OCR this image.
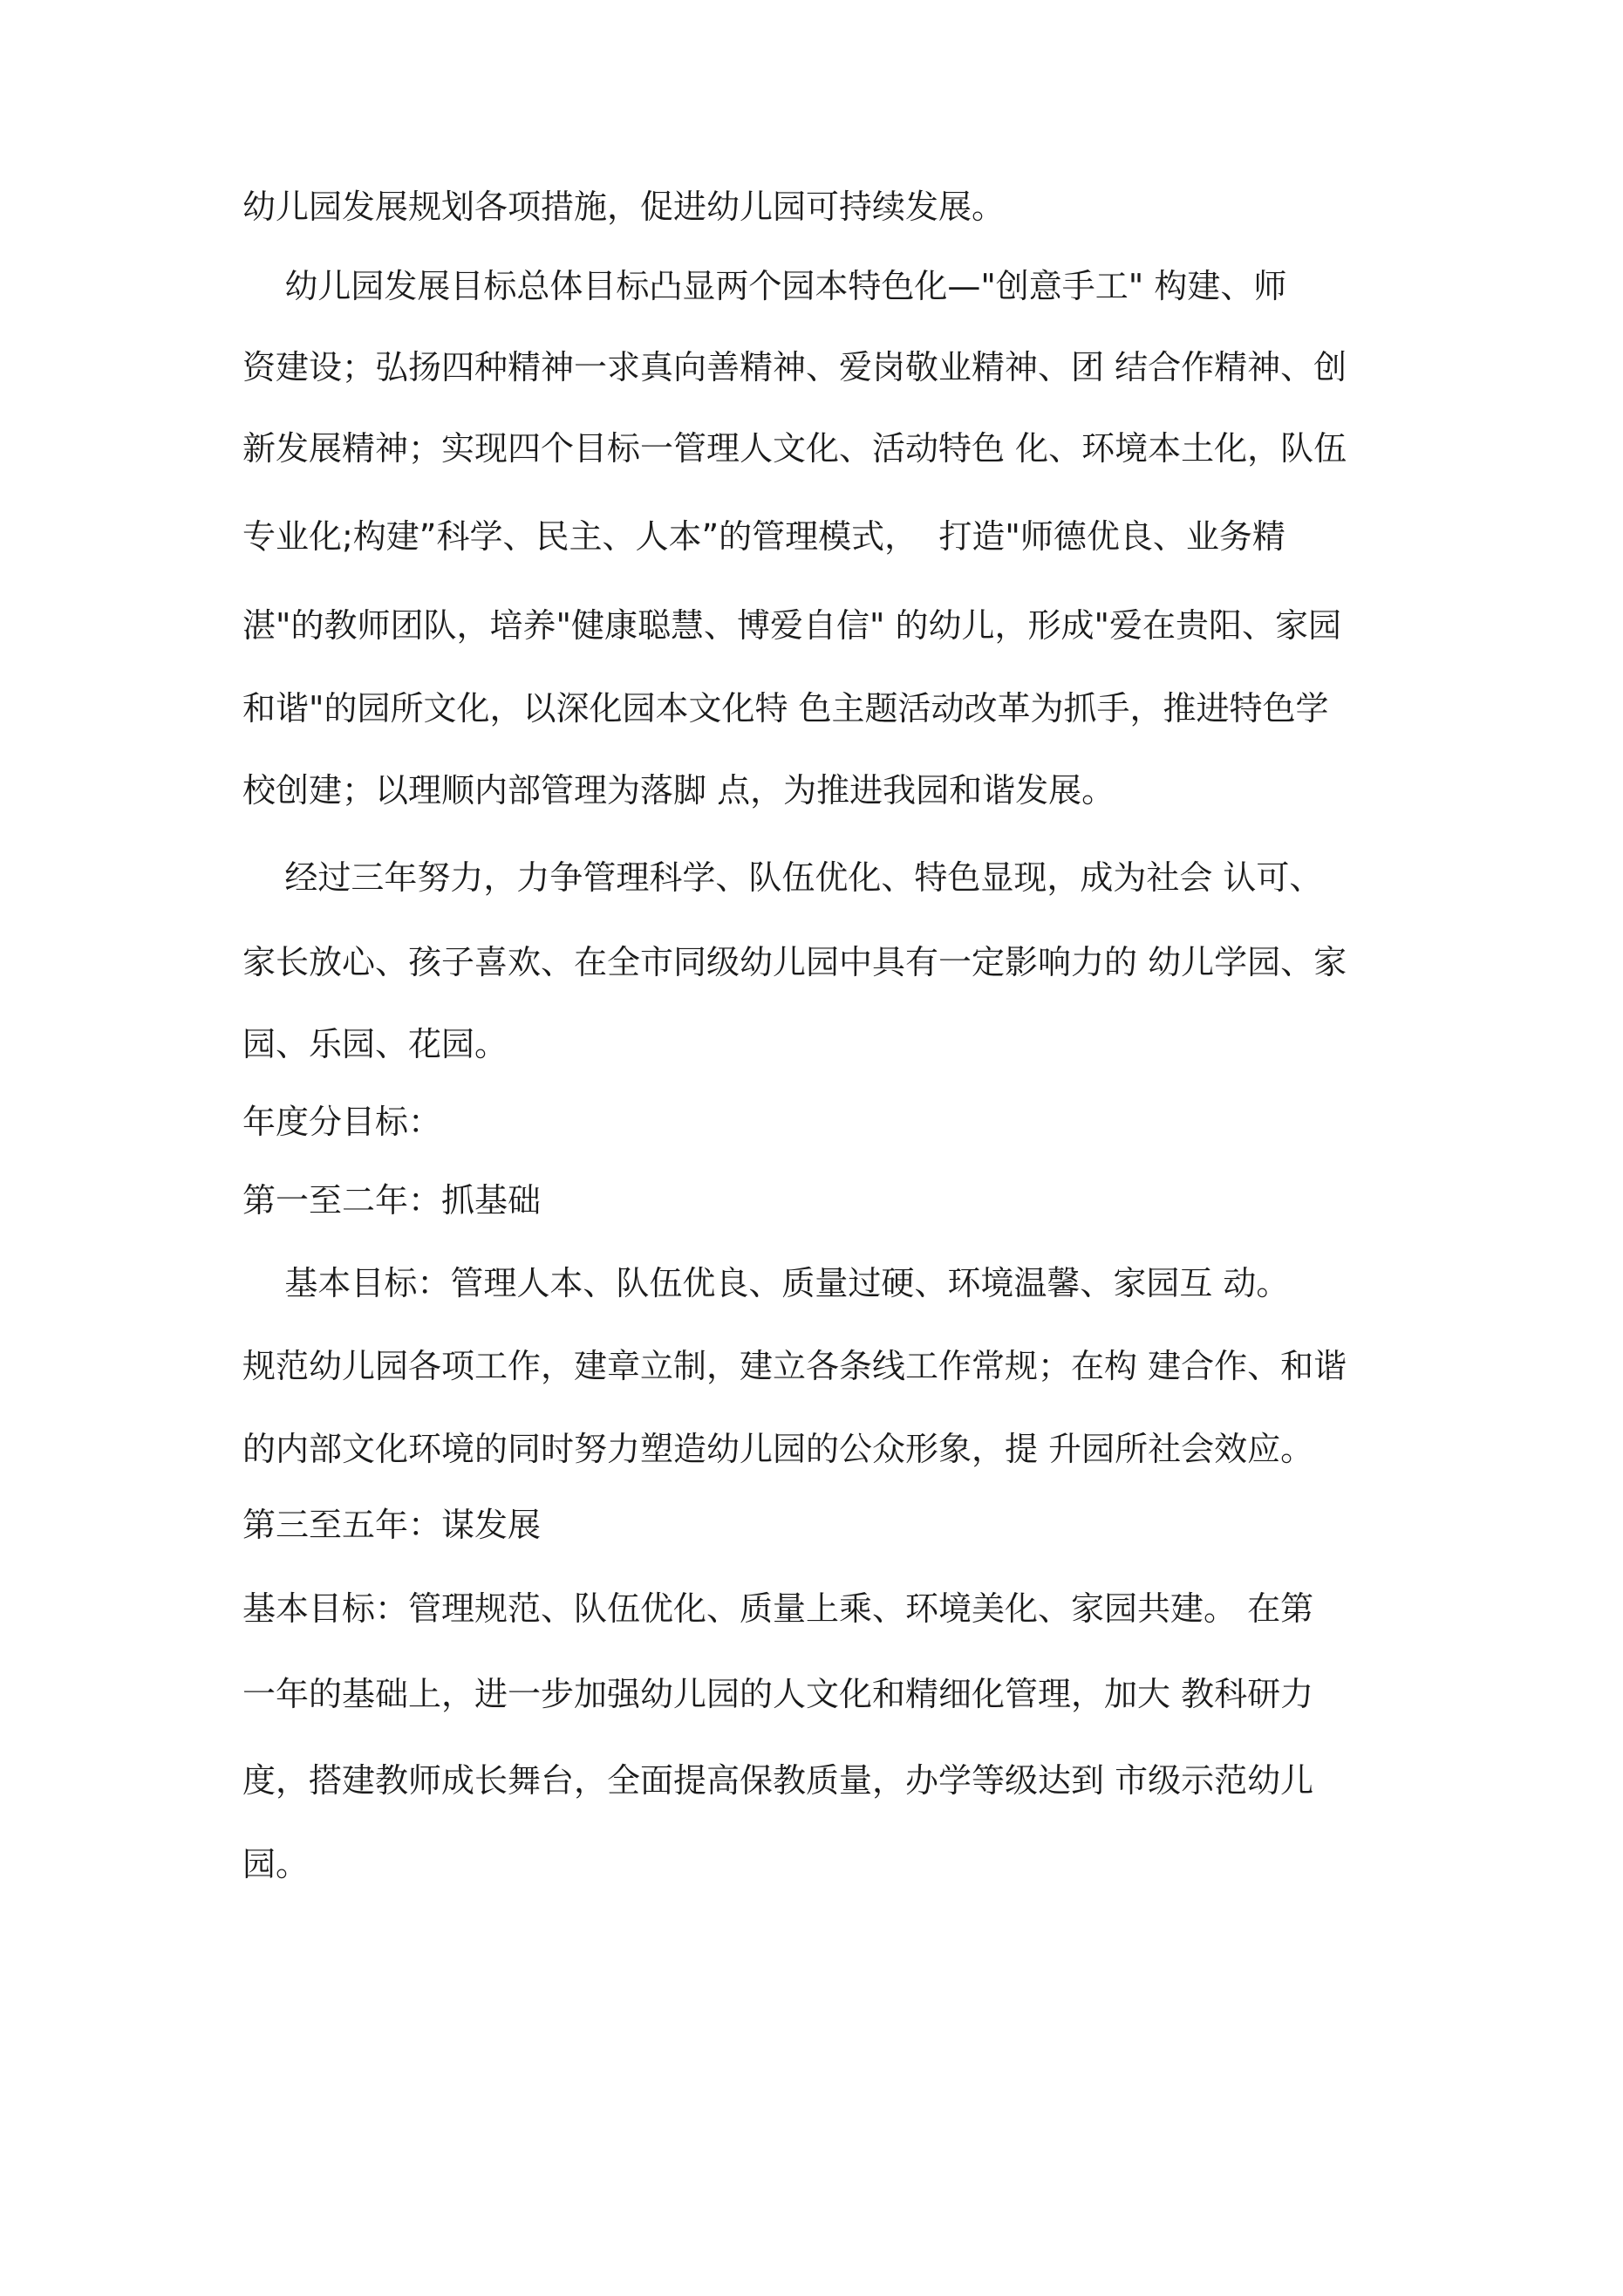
幼儿园发展规划各项措施，促进幼儿园可持续发展。

幼儿园发展目标总体目标凸显两个园本特色化—"创意手工" 构建、师

资建设；弘扬四种精神一求真向善精神、爱岗敬业精神、团 结合作精神、创

新发展精神；实现四个目标一管理人文化、活动特色 化、环境本土化，队伍

专业化;构建”科学、民主、人本”的管理模式，  打造"师德优良、业务精

湛"的教师团队，培养"健康聪慧、博爱自信" 的幼儿，形成"爱在贵阳、家园

和谐"的园所文化，以深化园本文化特 色主题活动改革为抓手，推进特色学

校创建；以理顺内部管理为落脚 点，为推进我园和谐发展。

经过三年努力，力争管理科学、队伍优化、特色显现，成为社会 认可、

家长放心、孩子喜欢、在全市同级幼儿园中具有一定影响力的 幼儿学园、家

园、乐园、花园。

年度分目标：

第一至二年：抓基础

基本目标：管理人本、队伍优良、质量过硬、环境温馨、家园互 动。

规范幼儿园各项工作，建章立制，建立各条线工作常规；在构 建合作、和谐

的内部文化环境的同时努力塑造幼儿园的公众形象，提 升园所社会效应。

第三至五年：谋发展

基本目标：管理规范、队伍优化、质量上乘、环境美化、家园共建。 在第

一年的基础上，进一步加强幼儿园的人文化和精细化管理，加大 教科研力

度，搭建教师成长舞台，全面提高保教质量，办学等级达到 市级示范幼儿

园。
